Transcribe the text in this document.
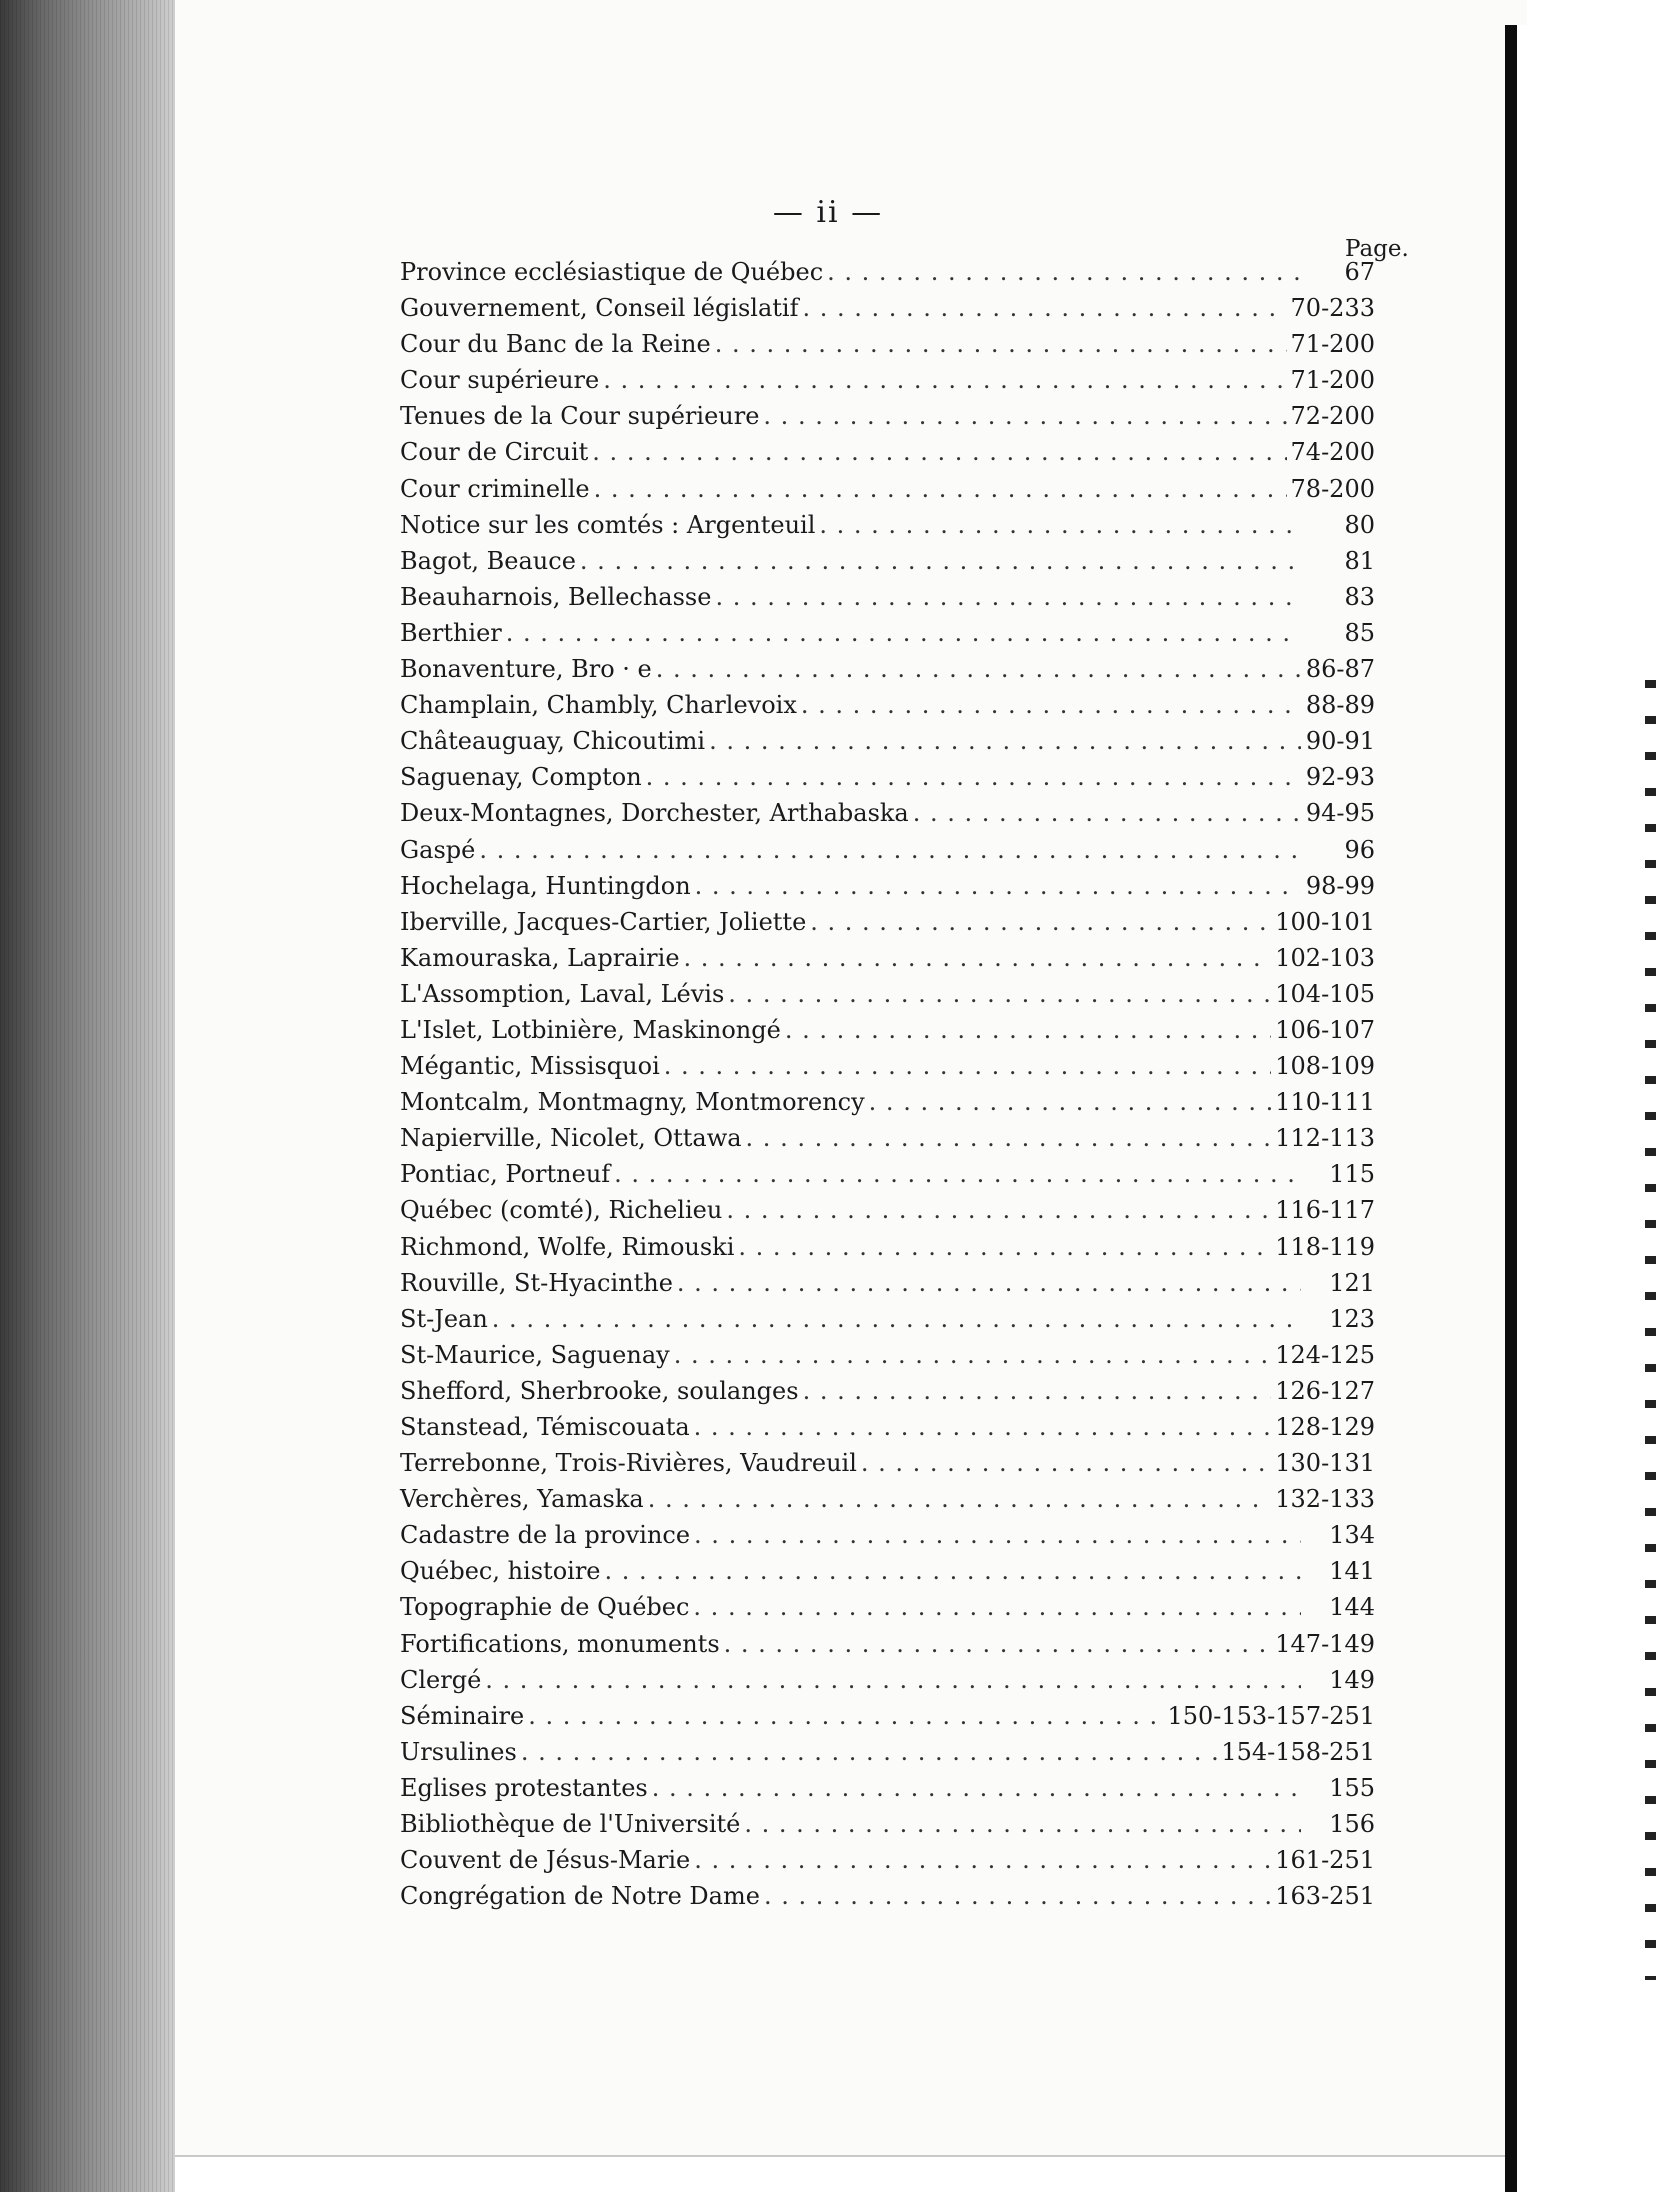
— ii —
Page.
Province ecclésiastique de Québec . . .	67
Gouvernement, Conseil législatif . . .	70-233
Cour du Banc de la Reine . . .	71-200
Cour supérieure . . .	71-200
Tenues de la Cour supérieure . . .	72-200
Cour de Circuit . . .	74-200
Cour criminelle . . .	78-200
Notice sur les comtés : Argenteuil . . .	80
Bagot, Beauce . . .	81
Beauharnois, Bellechasse . . .	83
Berthier . . .	85
Bonaventure, Bro · e . . .	86-87
Champlain, Chambly, Charlevoix . . .	88-89
Châteauguay, Chicoutimi . . .	90-91
Saguenay, Compton . . .	92-93
Deux-Montagnes, Dorchester, Arthabaska . . .	94-95
Gaspé . . .	96
Hochelaga, Huntingdon . . .	98-99
Iberville, Jacques-Cartier, Joliette . . .	100-101
Kamouraska, Laprairie . . .	102-103
L'Assomption, Laval, Lévis . . .	104-105
L'Islet, Lotbinière, Maskinongé . . .	106-107
Mégantic, Missisquoi . . .	108-109
Montcalm, Montmagny, Montmorency . . .	110-111
Napierville, Nicolet, Ottawa . . .	112-113
Pontiac, Portneuf . . .	115
Québec (comté), Richelieu . . .	116-117
Richmond, Wolfe, Rimouski . . .	118-119
Rouville, St-Hyacinthe . . .	121
St-Jean . . .	123
St-Maurice, Saguenay . . .	124-125
Shefford, Sherbrooke, soulanges . . .	126-127
Stanstead, Témiscouata . . .	128-129
Terrebonne, Trois-Rivières, Vaudreuil . . .	130-131
Verchères, Yamaska . . .	132-133
Cadastre de la province . . .	134
Québec, histoire . . .	141
Topographie de Québec . . .	144
Fortifications, monuments . . .	147-149
Clergé . . .	149
Séminaire . . .	150-153-157-251
Ursulines . . .	154-158-251
Eglises protestantes . . .	155
Bibliothèque de l'Université . . .	156
Couvent de Jésus-Marie . . .	161-251
Congrégation de Notre Dame . . .	163-251
